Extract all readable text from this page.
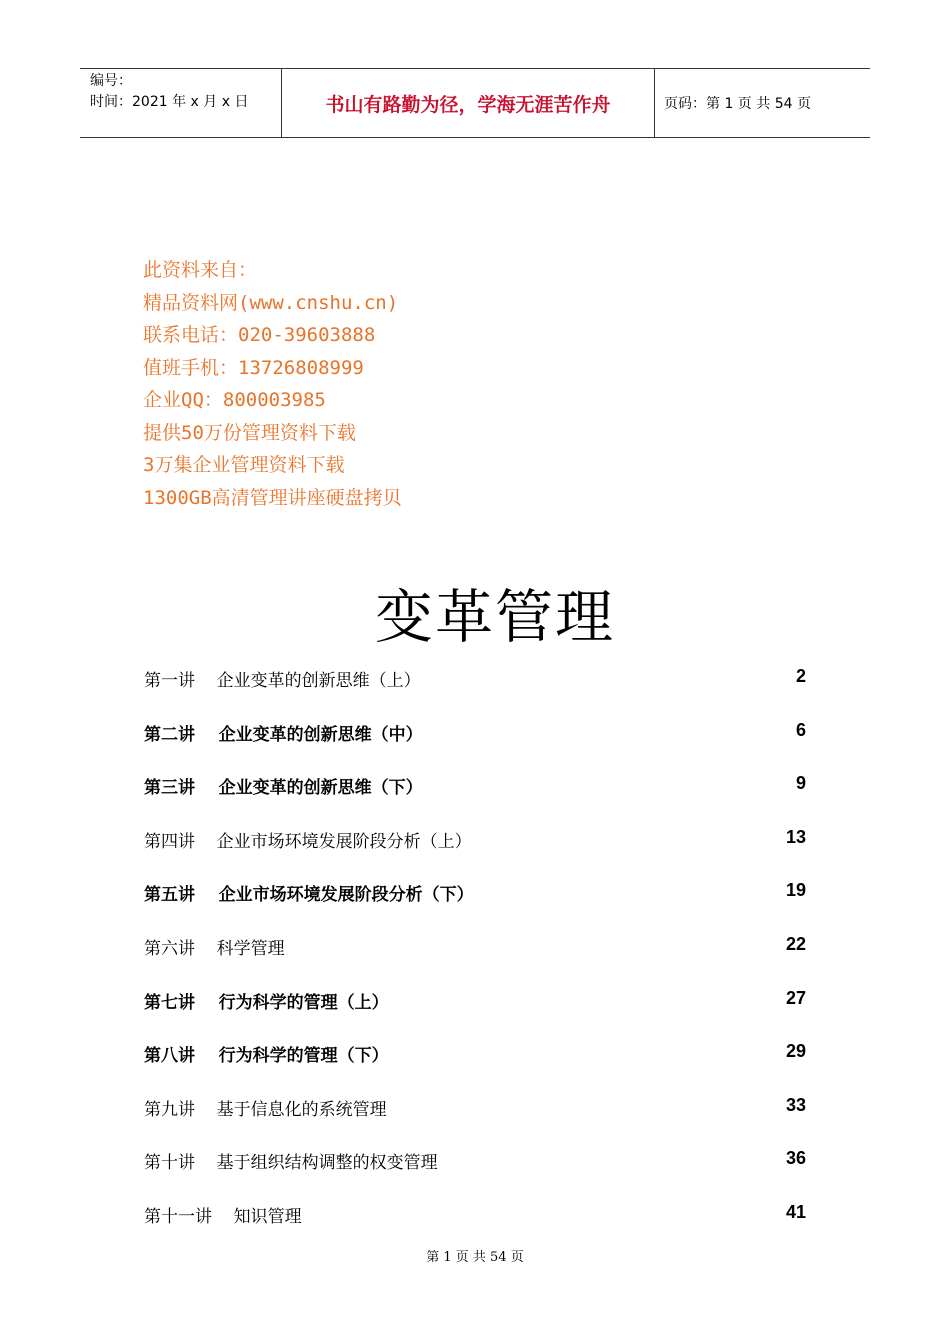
编号：
时间：2021 年 x 月 x 日	书山有路勤为径，学海无涯苦作舟	页码：第 1 页 共 54 页
此资料来自：
精品资料网(www.cnshu.cn)
联系电话：020-39603888
值班手机：13726808999
企业QQ：800003985
提供50万份管理资料下载
3万集企业管理资料下载
1300GB高清管理讲座硬盘拷贝
变革管理
第一讲    企业变革的创新思维（上）	2
第二讲    企业变革的创新思维（中）	6
第三讲    企业变革的创新思维（下）	9
第四讲    企业市场环境发展阶段分析（上）	13
第五讲    企业市场环境发展阶段分析（下）	19
第六讲    科学管理	22
第七讲    行为科学的管理（上）	27
第八讲    行为科学的管理（下）	29
第九讲    基于信息化的系统管理	33
第十讲    基于组织结构调整的权变管理	36
第十一讲    知识管理	41
第 1 页 共 54 页
